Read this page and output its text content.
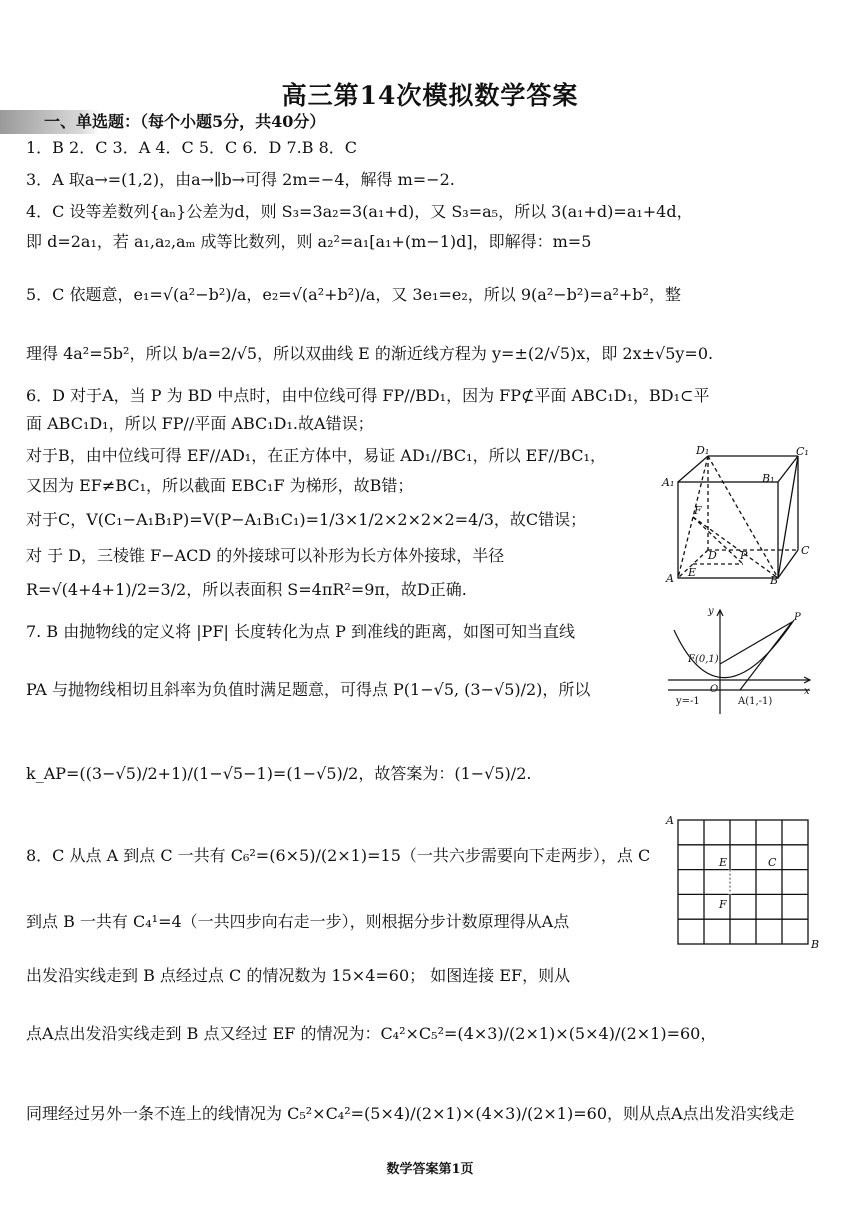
高三第14次模拟数学答案
一、单选题：（每个小题5分，共40分）
1．B 2．C 3．A 4．C 5．C 6．D 7.B 8．C
3．A 取a→=(1,2)，由a→∥b→可得 2m=−4，解得 m=−2.
4．C 设等差数列{aₙ}公差为d，则 S₃=3a₂=3(a₁+d)，又 S₃=a₅，所以 3(a₁+d)=a₁+4d，
即 d=2a₁，若 a₁,a₂,aₘ 成等比数列，则 a₂²=a₁[a₁+(m−1)d]，即解得：m=5
5．C 依题意，e₁=√(a²−b²)/a，e₂=√(a²+b²)/a，又 3e₁=e₂，所以 9(a²−b²)=a²+b²，整
理得 4a²=5b²，所以 b/a=2/√5，所以双曲线 E 的渐近线方程为 y=±(2/√5)x，即 2x±√5y=0.
6．D 对于A，当 P 为 BD 中点时，由中位线可得 FP//BD₁，因为 FP⊄平面 ABC₁D₁，BD₁⊂平
面 ABC₁D₁，所以 FP//平面 ABC₁D₁.故A错误；
对于B，由中位线可得 EF//AD₁，在正方体中，易证 AD₁//BC₁，所以 EF//BC₁，
又因为 EF≠BC₁，所以截面 EBC₁F 为梯形，故B错；
对于C，V(C₁−A₁B₁P)=V(P−A₁B₁C₁)=1/3×1/2×2×2×2=4/3，故C错误；
对 于 D，三棱锥 F−ACD 的外接球可以补形为长方体外接球，半径
R=√(4+4+1)/2=3/2，所以表面积 S=4πR²=9π，故D正确.
7. B 由抛物线的定义将 |PF| 长度转化为点 P 到准线的距离，如图可知当直线
PA 与抛物线相切且斜率为负值时满足题意，可得点 P(1−√5, (3−√5)/2)，所以
k_AP=((3−√5)/2+1)/(1−√5−1)=(1−√5)/2，故答案为：(1−√5)/2.
8．C 从点 A 到点 C 一共有 C₆²=(6×5)/(2×1)=15（一共六步需要向下走两步），点 C
到点 B 一共有 C₄¹=4（一共四步向右走一步），则根据分步计数原理得从A点
出发沿实线走到 B 点经过点 C 的情况数为 15×4=60； 如图连接 EF，则从
点A点出发沿实线走到 B 点又经过 EF 的情况为：C₄²×C₅²=(4×3)/(2×1)×(5×4)/(2×1)=60，
同理经过另外一条不连上的线情况为 C₅²×C₄²=(5×4)/(2×1)×(4×3)/(2×1)=60，则从点A点出发沿实线走
D₁	C₁
A₁	B₁
F
D P	C
A E
B
y
P
F(0,1)
O	x
y=-1	A(1,-1)
A
E	C
F
B
数学答案第1页
